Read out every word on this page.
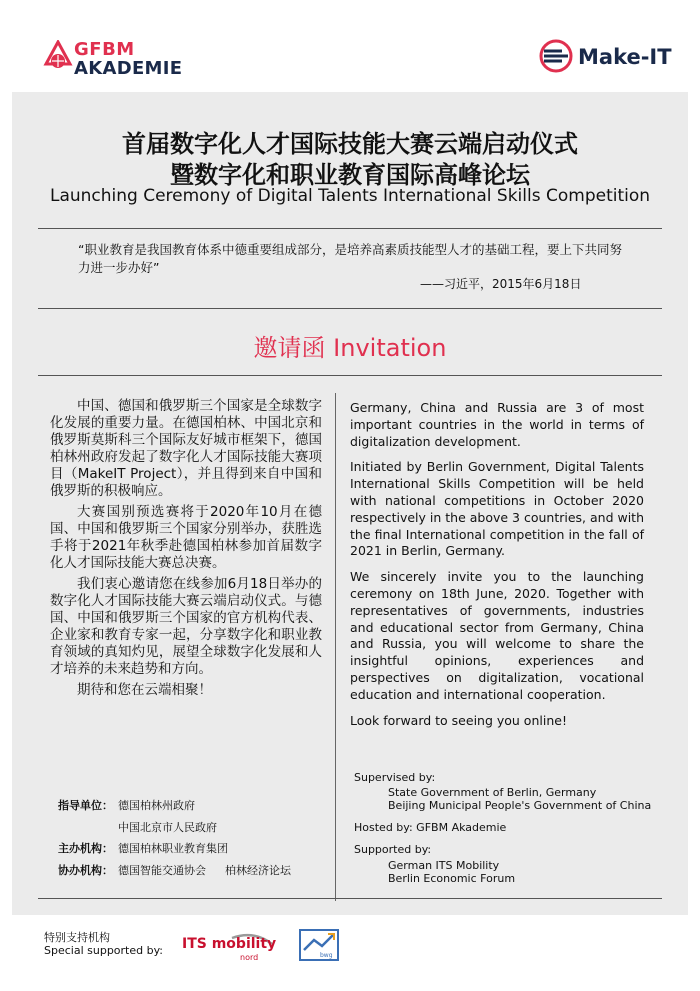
GFBM
AKADEMIE	Make-IT
首届数字化人才国际技能大赛云端启动仪式
暨数字化和职业教育国际高峰论坛
Launching Ceremony of Digital Talents International Skills Competition
“职业教育是我国教育体系中德重要组成部分，是培养高素质技能型人才的基础工程，要上下共同努力进一步办好”
——习近平，2015年6月18日
邀请函 Invitation

中国、德国和俄罗斯三个国家是全球数字化发展的重要力量。在德国柏林、中国北京和俄罗斯莫斯科三个国际友好城市框架下，德国柏林州政府发起了数字化人才国际技能大赛项目（MakeIT Project），并且得到来自中国和俄罗斯的积极响应。

大赛国别预选赛将于2020年10月在德国、中国和俄罗斯三个国家分别举办，获胜选手将于2021年秋季赴德国柏林参加首届数字化人才国际技能大赛总决赛。

我们衷心邀请您在线参加6月18日举办的数字化人才国际技能大赛云端启动仪式。与德国、中国和俄罗斯三个国家的官方机构代表、企业家和教育专家一起，分享数字化和职业教育领域的真知灼见，展望全球数字化发展和人才培养的未来趋势和方向。

期待和您在云端相聚！

指导单位： 德国柏林州政府
中国北京市人民政府
主办机构： 德国柏林职业教育集团
协办机构： 德国智能交通协会 柏林经济论坛

Germany, China and Russia are 3 of most important countries in the world in terms of digitalization development.

Initiated by Berlin Government, Digital Talents International Skills Competition will be held with national competitions in October 2020 respectively in the above 3 countries, and with the final International competition in the fall of 2021 in Berlin, Germany.

We sincerely invite you to the launching ceremony on 18th June, 2020. Together with representatives of governments, industries and educational sector from Germany, China and Russia, you will welcome to share the insightful opinions, experiences and perspectives on digitalization, vocational education and international cooperation.

Look forward to seeing you online!

Supervised by:
State Government of Berlin, Germany
Beijing Municipal People's Government of China
Hosted by: GFBM Akademie
Supported by:
German ITS Mobility
Berlin Economic Forum
特别支持机构
Special supported by: ITS mobility
nord	bwg
